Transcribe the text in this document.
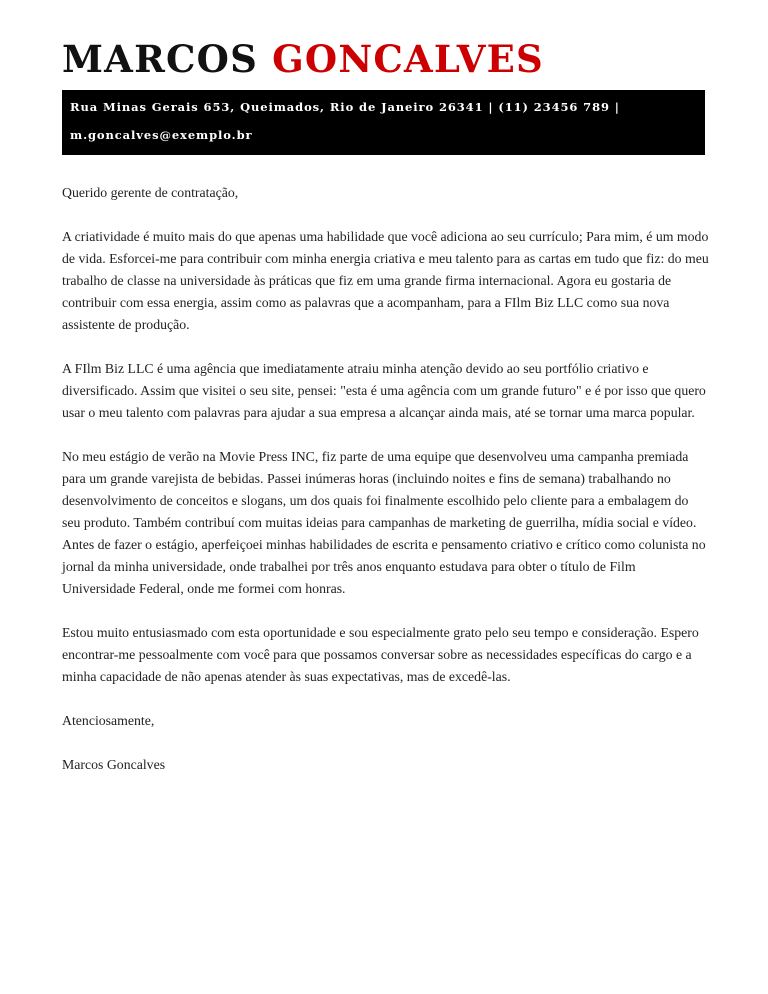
MARCOS GONCALVES
Rua Minas Gerais 653, Queimados, Rio de Janeiro 26341 | (11) 23456 789 |
m.goncalves@exemplo.br

Querido gerente de contratação,

A criatividade é muito mais do que apenas uma habilidade que você adiciona ao seu currículo; Para mim, é um modo de vida. Esforcei-me para contribuir com minha energia criativa e meu talento para as cartas em tudo que fiz: do meu trabalho de classe na universidade às práticas que fiz em uma grande firma internacional. Agora eu gostaria de contribuir com essa energia, assim como as palavras que a acompanham, para a FIlm Biz LLC como sua nova assistente de produção.

A FIlm Biz LLC é uma agência que imediatamente atraiu minha atenção devido ao seu portfólio criativo e diversificado. Assim que visitei o seu site, pensei: "esta é uma agência com um grande futuro" e é por isso que quero usar o meu talento com palavras para ajudar a sua empresa a alcançar ainda mais, até se tornar uma marca popular.

No meu estágio de verão na Movie Press INC, fiz parte de uma equipe que desenvolveu uma campanha premiada para um grande varejista de bebidas. Passei inúmeras horas (incluindo noites e fins de semana) trabalhando no desenvolvimento de conceitos e slogans, um dos quais foi finalmente escolhido pelo cliente para a embalagem do seu produto. Também contribuí com muitas ideias para campanhas de marketing de guerrilha, mídia social e vídeo. Antes de fazer o estágio, aperfeiçoei minhas habilidades de escrita e pensamento criativo e crítico como colunista no jornal da minha universidade, onde trabalhei por três anos enquanto estudava para obter o título de Film Universidade Federal, onde me formei com honras.

Estou muito entusiasmado com esta oportunidade e sou especialmente grato pelo seu tempo e consideração. Espero encontrar-me pessoalmente com você para que possamos conversar sobre as necessidades específicas do cargo e a minha capacidade de não apenas atender às suas expectativas, mas de excedê-las.

Atenciosamente,

Marcos Goncalves
